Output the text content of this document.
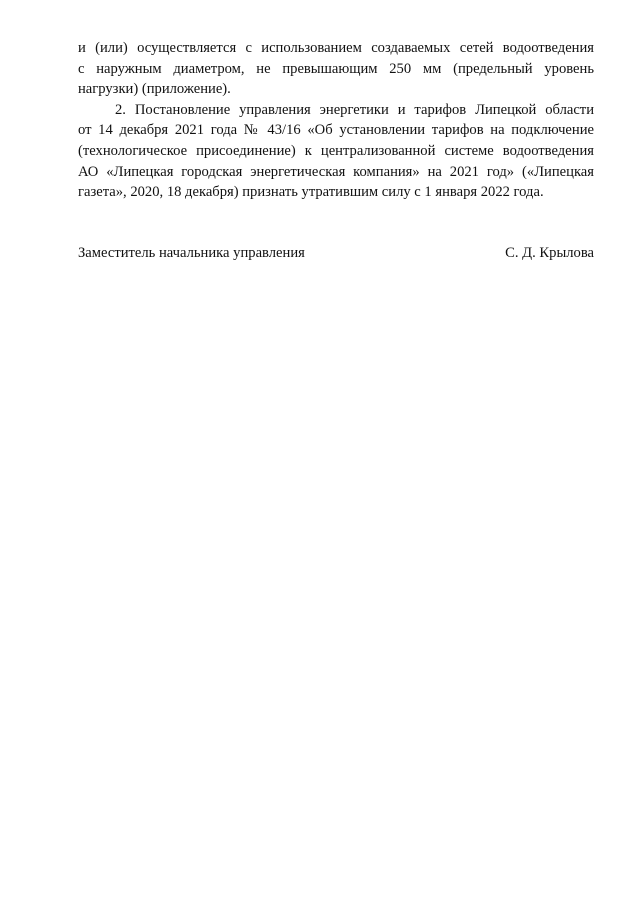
и (или) осуществляется с использованием создаваемых сетей водоотведения
с наружным диаметром, не превышающим 250 мм (предельный уровень
нагрузки) (приложение).
2. Постановление управления энергетики и тарифов Липецкой области
от 14 декабря 2021 года № 43/16 «Об установлении тарифов на подключение
(технологическое присоединение) к централизованной системе водоотведения
АО «Липецкая городская энергетическая компания» на 2021 год» («Липецкая
газета», 2020, 18 декабря) признать утратившим силу с 1 января 2022 года.
Заместитель начальника управления	С. Д. Крылова
